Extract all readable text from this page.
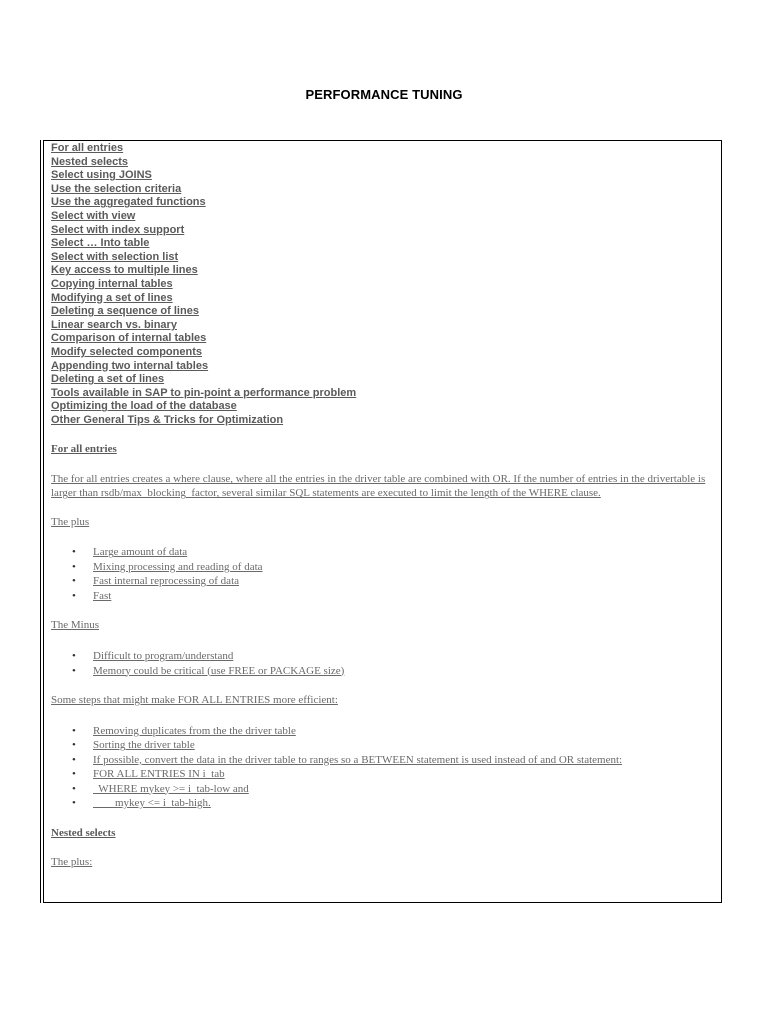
PERFORMANCE TUNING
For all entries
Nested selects
Select using JOINS
Use the selection criteria
Use the aggregated functions
Select with view
Select with index support
Select … Into table
Select with selection list
Key access to multiple lines
Copying internal tables
Modifying a set of lines
Deleting a sequence of lines
Linear search vs. binary
Comparison of internal tables
Modify selected components
Appending two internal tables
Deleting a set of lines
Tools available in SAP to pin-point a performance problem
Optimizing the load of the database
Other General Tips & Tricks for Optimization

For all entries

The for all entries creates a where clause, where all the entries in the driver table are combined with OR. If the number of entries in the drivertable is larger than rsdb/max_blocking_factor, several similar SQL statements are executed to limit the length of the WHERE clause.

The plus

• Large amount of data
• Mixing processing and reading of data
• Fast internal reprocessing of data
• Fast

The Minus

• Difficult to program/understand
• Memory could be critical (use FREE or PACKAGE size)

Some steps that might make FOR ALL ENTRIES more efficient:

• Removing duplicates from the the driver table
• Sorting the driver table
• If possible, convert the data in the driver table to ranges so a BETWEEN statement is used instead of and OR statement:
• FOR ALL ENTRIES IN i_tab
• WHERE mykey >= i_tab-low and
• mykey <= i_tab-high.

Nested selects

The plus:
